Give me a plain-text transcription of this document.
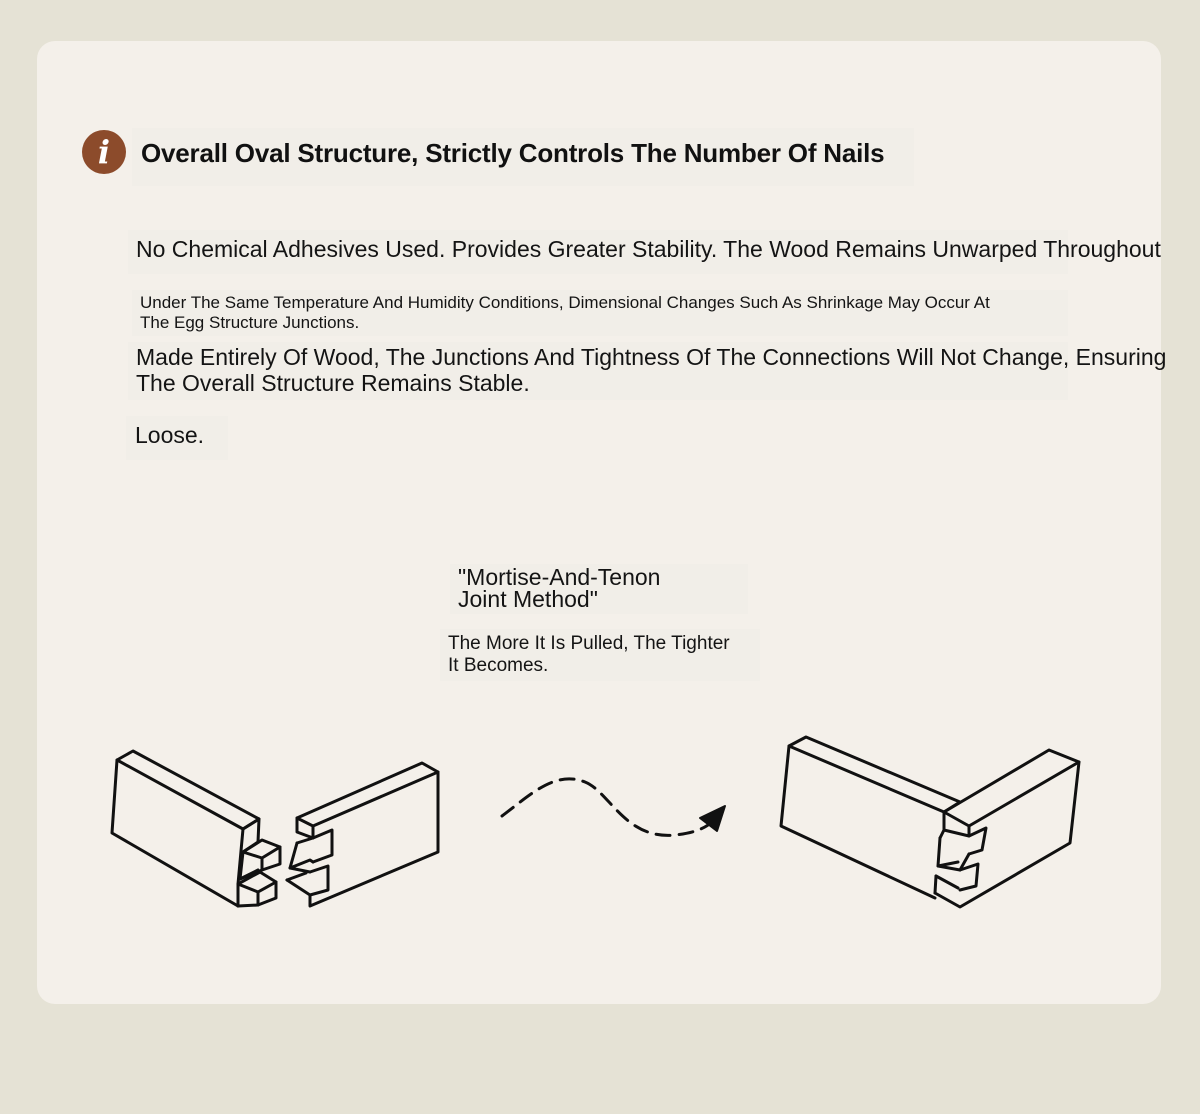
i	Overall Oval Structure, Strictly Controls The Number Of Nails
No Chemical Adhesives Used. Provides Greater Stability. The Wood Remains Unwarped Throughout
Under The Same Temperature And Humidity Conditions, Dimensional Changes Such As Shrinkage May Occur At
The Egg Structure Junctions.
Made Entirely Of Wood, The Junctions And Tightness Of The Connections Will Not Change, Ensuring
The Overall Structure Remains Stable.
Loose.
"Mortise-And-Tenon
Joint Method"
The More It Is Pulled, The Tighter
It Becomes.
